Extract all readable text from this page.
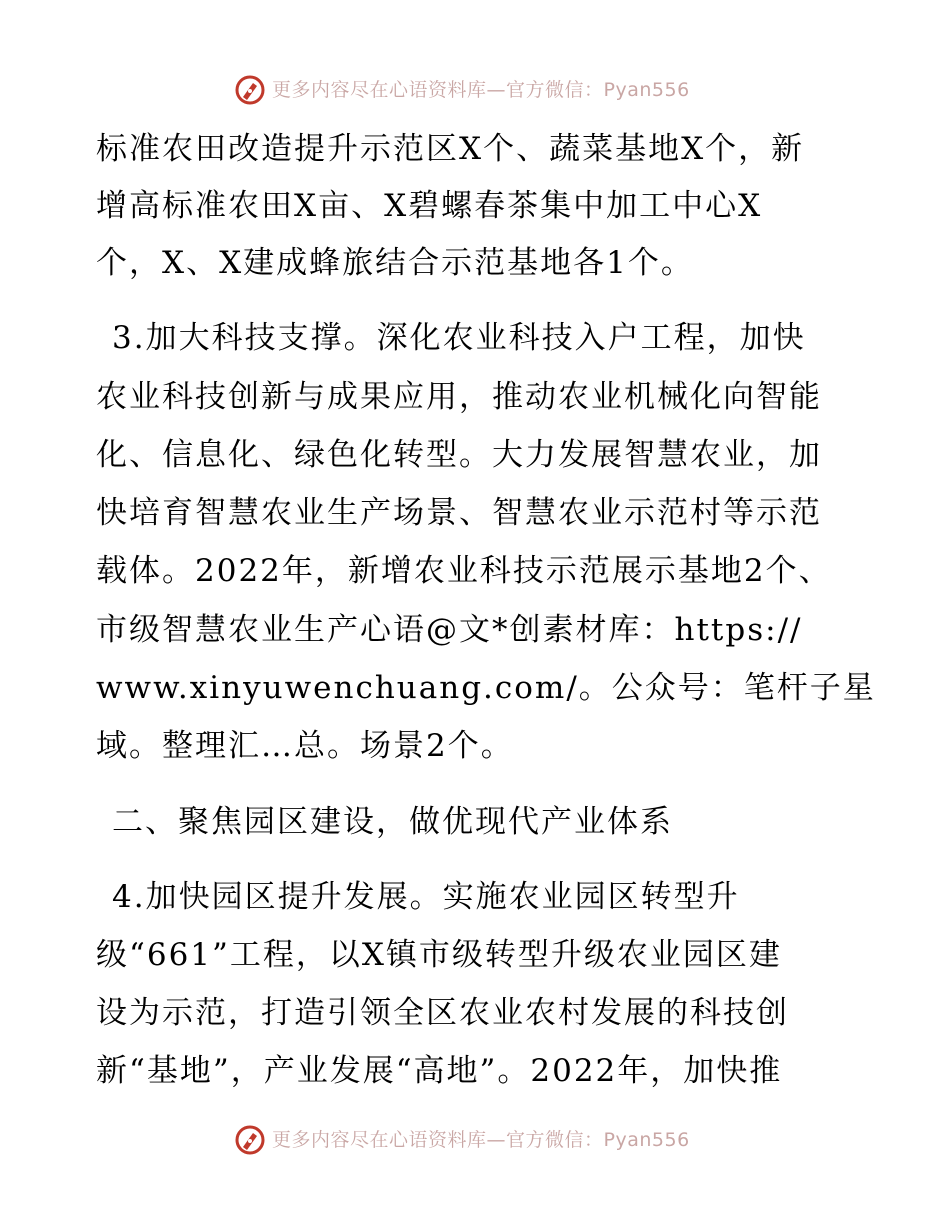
更多内容尽在心语资料库—官方微信：Pyan556
标准农田改造提升示范区X个、蔬菜基地X个，新
增高标准农田X亩、X碧螺春茶集中加工中心X
个，X、X建成蜂旅结合示范基地各1个。
3.加大科技支撑。深化农业科技入户工程，加快
农业科技创新与成果应用，推动农业机械化向智能
化、信息化、绿色化转型。大力发展智慧农业，加
快培育智慧农业生产场景、智慧农业示范村等示范
载体。2022年，新增农业科技示范展示基地2个、
市级智慧农业生产心语@文*创素材库：https://
www.xinyuwenchuang.com/。公众号：笔杆子星
域。整理汇…总。场景2个。
二、聚焦园区建设，做优现代产业体系
4.加快园区提升发展。实施农业园区转型升
级“661”工程，以X镇市级转型升级农业园区建
设为示范，打造引领全区农业农村发展的科技创
新“基地”，产业发展“高地”。2022年，加快推
更多内容尽在心语资料库—官方微信：Pyan556
